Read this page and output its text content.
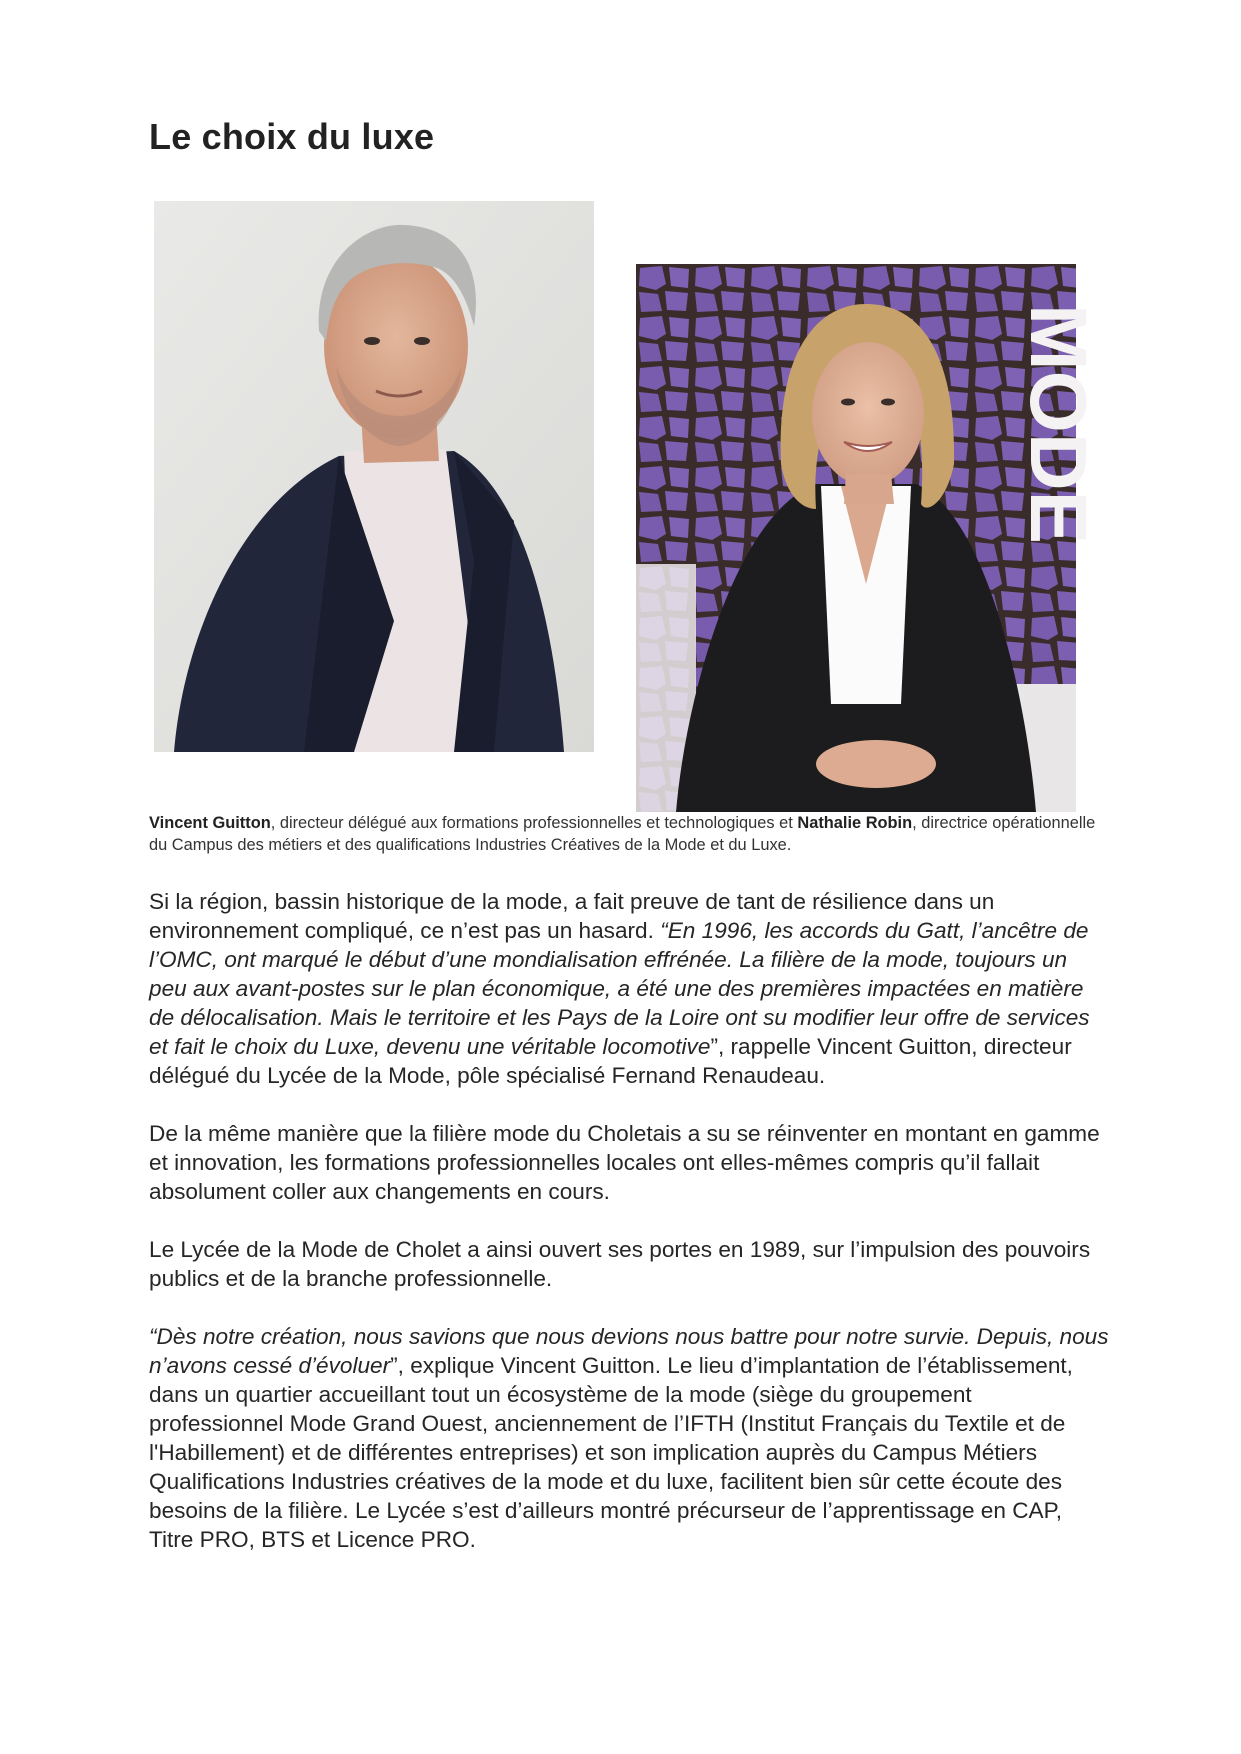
Le choix du luxe
MODE
Vincent Guitton, directeur délégué aux formations professionnelles et technologiques et Nathalie Robin, directrice opérationnelle du Campus des métiers et des qualifications Industries Créatives de la Mode et du Luxe.

Si la région, bassin historique de la mode, a fait preuve de tant de résilience dans un environnement compliqué, ce n’est pas un hasard. “En 1996, les accords du Gatt, l’ancêtre de l’OMC, ont marqué le début d’une mondialisation effrénée. La filière de la mode, toujours un peu aux avant-postes sur le plan économique, a été une des premières impactées en matière de délocalisation. Mais le territoire et les Pays de la Loire ont su modifier leur offre de services et fait le choix du Luxe, devenu une véritable locomotive”, rappelle Vincent Guitton, directeur délégué du Lycée de la Mode, pôle spécialisé Fernand Renaudeau.

De la même manière que la filière mode du Choletais a su se réinventer en montant en gamme et innovation, les formations professionnelles locales ont elles-mêmes compris qu’il fallait absolument coller aux changements en cours.

Le Lycée de la Mode de Cholet a ainsi ouvert ses portes en 1989, sur l’impulsion des pouvoirs publics et de la branche professionnelle.

“Dès notre création, nous savions que nous devions nous battre pour notre survie. Depuis, nous n’avons cessé d’évoluer”, explique Vincent Guitton. Le lieu d’implantation de l’établissement, dans un quartier accueillant tout un écosystème de la mode (siège du groupement professionnel Mode Grand Ouest, anciennement de l’IFTH (Institut Français du Textile et de l'Habillement) et de différentes entreprises) et son implication auprès du Campus Métiers Qualifications Industries créatives de la mode et du luxe, facilitent bien sûr cette écoute des besoins de la filière. Le Lycée s’est d’ailleurs montré précurseur de l’apprentissage en CAP, Titre PRO, BTS et Licence PRO.
